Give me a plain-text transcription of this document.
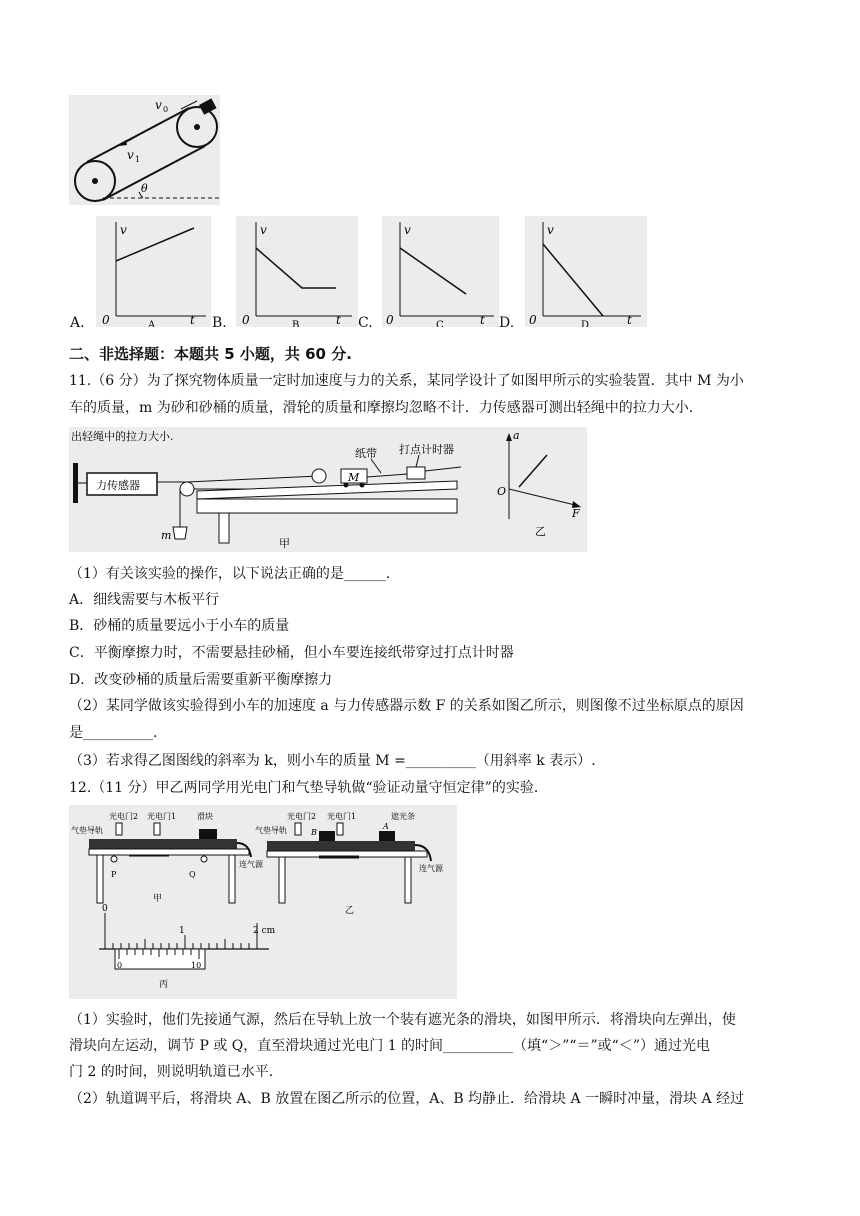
v 0
v 1
θ
A.
v
t
0	A	B.
v
t
0	B	C.
v
t
0	C	D.
v
t
0	D
二、非选择题：本题共 5 小题，共 60 分.
11.（6 分）为了探究物体质量一定时加速度与力的关系，某同学设计了如图甲所示的实验装置．其中 M 为小
车的质量，m 为砂和砂桶的质量，滑轮的质量和摩擦均忽略不计．力传感器可测出轻绳中的拉力大小．
出轻绳中的拉力大小.
力传感器
M
纸带 打点计时器
m
甲
a
F
O
乙
（1）有关该实验的操作，以下说法正确的是______.
A．细线需要与木板平行
B．砂桶的质量要远小于小车的质量
C．平衡摩擦力时，不需要悬挂砂桶，但小车要连接纸带穿过打点计时器
D．改变砂桶的质量后需要重新平衡摩擦力
（2）某同学做该实验得到小车的加速度 a 与力传感器示数 F 的关系如图乙所示，则图像不过坐标原点的原因
是__________.
（3）若求得乙图图线的斜率为 k，则小车的质量 M =__________（用斜率 k 表示）.
12.（11 分）甲乙两同学用光电门和气垫导轨做“验证动量守恒定律”的实验．
光电门2 光电门1	滑块
气垫导轨
P	Q
连气源
甲
光电门2 光电门1	遮光条
气垫导轨	B
A
连气源
乙
0
1	2 cm
0	10
丙
（1）实验时，他们先接通气源，然后在导轨上放一个装有遮光条的滑块，如图甲所示．将滑块向左弹出，使
滑块向左运动，调节 P 或 Q，直至滑块通过光电门 1 的时间__________（填“＞”“＝”或“＜”）通过光电
门 2 的时间，则说明轨道已水平．
（2）轨道调平后，将滑块 A、B 放置在图乙所示的位置，A、B 均静止．给滑块 A 一瞬时冲量，滑块 A 经过
